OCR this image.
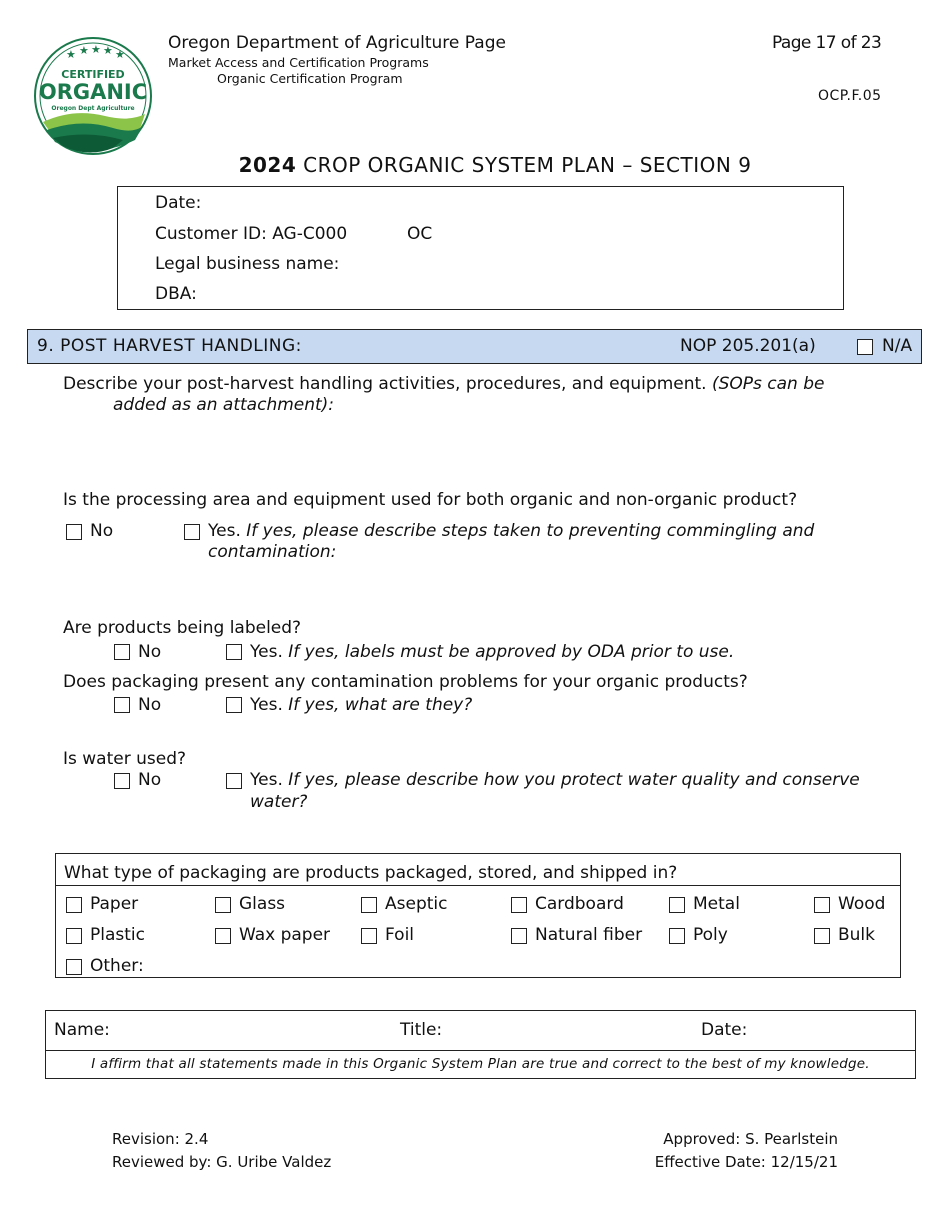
★ ★ ★ ★ ★
CERTIFIED
ORGANIC
Oregon Dept Agriculture
Oregon Department of Agriculture Page
Market Access and Certification Programs
Organic Certification Program
Page 17 of 23
OCP.F.05
2024 CROP ORGANIC SYSTEM PLAN – SECTION 9
Date:
Customer ID: AG-C000	OC
Legal business name:
DBA:
9. POST HARVEST HANDLING:	NOP 205.201(a)	N/A
Describe your post-harvest handling activities, procedures, and equipment. (SOPs can be
added as an attachment):
Is the processing area and equipment used for both organic and non-organic product?
No	Yes. If yes, please describe steps taken to preventing commingling and
contamination:
Are products being labeled?
No	Yes. If yes, labels must be approved by ODA prior to use.
Does packaging present any contamination problems for your organic products?
No	Yes. If yes, what are they?
Is water used?
No	Yes. If yes, please describe how you protect water quality and conserve
water?
What type of packaging are products packaged, stored, and shipped in?
Paper	Glass	Aseptic	Cardboard	Metal	Wood
Plastic	Wax paper	Foil	Natural fiber	Poly	Bulk
Other:
Name:	Title:	Date:
I affirm that all statements made in this Organic System Plan are true and correct to the best of my knowledge.
Revision: 2.4
Reviewed by: G. Uribe Valdez
Approved: S. Pearlstein
Effective Date: 12/15/21
